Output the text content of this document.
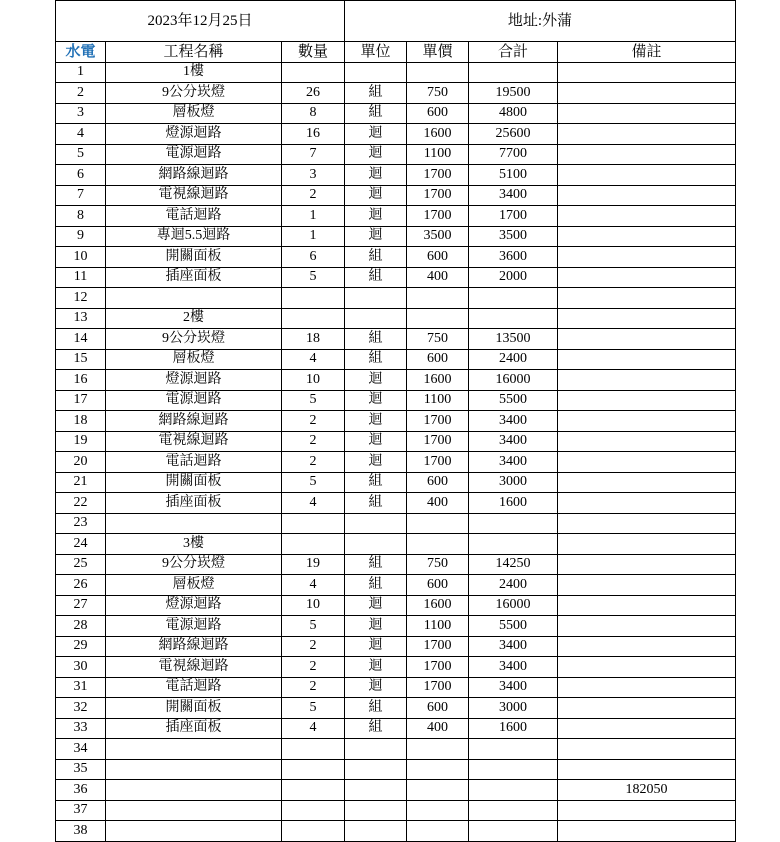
2023年12月25日			地址:外蒲			
水電	工程名稱	數量	單位	單價	合計	備註
1	1樓					
2	9公分崁燈	26	組	750	19500	
3	層板燈	8	組	600	4800	
4	燈源迴路	16	迴	1600	25600	
5	電源迴路	7	迴	1100	7700	
6	網路線迴路	3	迴	1700	5100	
7	電視線迴路	2	迴	1700	3400	
8	電話迴路	1	迴	1700	1700	
9	專迴5.5迴路	1	迴	3500	3500	
10	開關面板	6	組	600	3600	
11	插座面板	5	組	400	2000	
12						
13	2樓					
14	9公分崁燈	18	組	750	13500	
15	層板燈	4	組	600	2400	
16	燈源迴路	10	迴	1600	16000	
17	電源迴路	5	迴	1100	5500	
18	網路線迴路	2	迴	1700	3400	
19	電視線迴路	2	迴	1700	3400	
20	電話迴路	2	迴	1700	3400	
21	開關面板	5	組	600	3000	
22	插座面板	4	組	400	1600	
23						
24	3樓					
25	9公分崁燈	19	組	750	14250	
26	層板燈	4	組	600	2400	
27	燈源迴路	10	迴	1600	16000	
28	電源迴路	5	迴	1100	5500	
29	網路線迴路	2	迴	1700	3400	
30	電視線迴路	2	迴	1700	3400	
31	電話迴路	2	迴	1700	3400	
32	開關面板	5	組	600	3000	
33	插座面板	4	組	400	1600	
34						
35						
36						182050
37						
38						
